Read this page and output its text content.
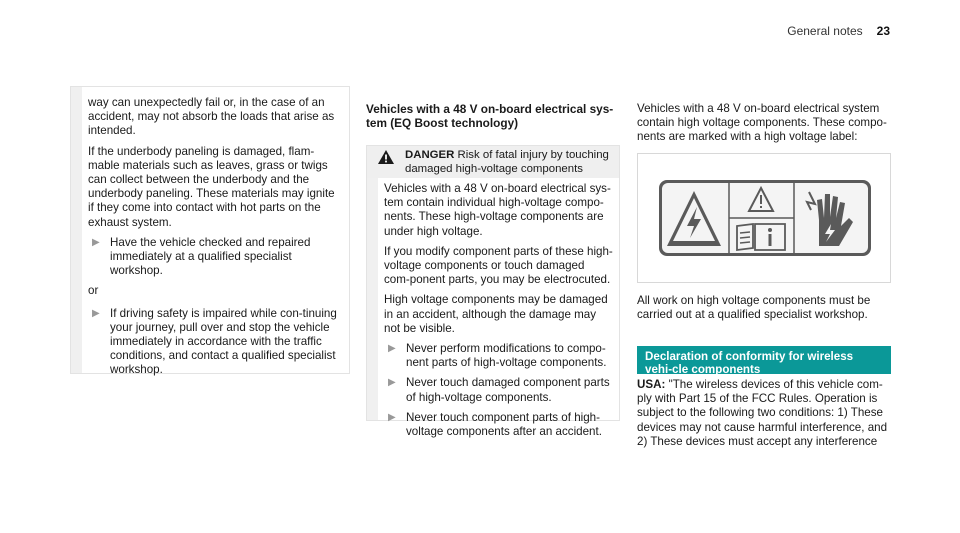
General notes 23

way can unexpectedly fail or, in the case of an accident, may not absorb the loads that arise as intended.

If the underbody paneling is damaged, flam-mable materials such as leaves, grass or twigs can collect between the underbody and the underbody paneling. These materials may ignite if they come into contact with hot parts on the exhaust system.

▶ Have the vehicle checked and repaired immediately at a qualified specialist workshop.

or

▶ If driving safety is impaired while con-tinuing your journey, pull over and stop the vehicle immediately in accordance with the traffic conditions, and contact a qualified specialist workshop.
Vehicles with a 48 V on-board electrical sys-tem (EQ Boost technology)
DANGER Risk of fatal injury by touching damaged high-voltage components

Vehicles with a 48 V on-board electrical sys-tem contain individual high-voltage compo-nents. These high-voltage components are under high voltage.

If you modify component parts of these high-voltage components or touch damaged com-ponent parts, you may be electrocuted.

High voltage components may be damaged in an accident, although the damage may not be visible.

▶ Never perform modifications to compo-nent parts of high-voltage components.
▶ Never touch damaged component parts of high-voltage components.
▶ Never touch component parts of high-voltage components after an accident.
Vehicles with a 48 V on-board electrical system contain high voltage components. These compo-nents are marked with a high voltage label:
All work on high voltage components must be carried out at a qualified specialist workshop.
Declaration of conformity for wireless vehi-cle components
USA: "The wireless devices of this vehicle com-ply with Part 15 of the FCC Rules. Operation is subject to the following two conditions: 1) These devices may not cause harmful interference, and 2) These devices must accept any interference
